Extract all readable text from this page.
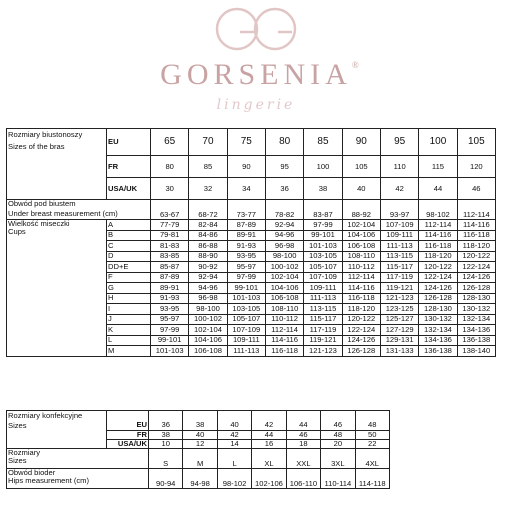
GORSENIA ®
lingerie
Rozmiary biustonoszy
Sizes of the bras	EU	65	70	75	80	85	90	95	100	105
	FR	80	85	90	95	100	105	110	115	120
	USA/UK	30	32	34	36	38	40	42	44	46

Obwód pod biustem
Under breast measurement (cm)		63-67	68-72	73-77	78-82	83-87	88-92	93-97	98-102	112-114

Wielkość miseczki
Cups	A	77-79	82-84	87-89	92-94	97-99	102-104	107-109	112-114	114-116
	B	79-81	84-86	89-91	94-96	99-101	104-106	109-111	114-116	116-118
	C	81-83	86-88	91-93	96-98	101-103	106-108	111-113	116-118	118-120
	D	83-85	88-90	93-95	98-100	103-105	108-110	113-115	118-120	120-122
	DD+E	85-87	90-92	95-97	100-102	105-107	110-112	115-117	120-122	122-124
	F	87-89	92-94	97-99	102-104	107-109	112-114	117-119	122-124	124-126
	G	89-91	94-96	99-101	104-106	109-111	114-116	119-121	124-126	126-128
	H	91-93	96-98	101-103	106-108	111-113	116-118	121-123	126-128	128-130
	I	93-95	98-100	103-105	108-110	113-115	118-120	123-125	128-130	130-132
	J	95-97	100-102	105-107	110-112	115-117	120-122	125-127	130-132	132-134
	K	97-99	102-104	107-109	112-114	117-119	122-124	127-129	132-134	134-136
	L	99-101	104-106	109-111	114-116	119-121	124-126	129-131	134-136	136-138
	M	101-103	106-108	111-113	116-118	121-123	126-128	131-133	136-138	138-140
Rozmiary konfekcyjne								
Sizes	EU	36	38	40	42	44	46	48
	FR	38	40	42	44	46	48	50
	USA/UK	10	12	14	16	18	20	22

Rozmiary
Sizes		S	M	L	XL	XXL	3XL	4XL

Obwód bioder
Hips measurement (cm)		90-94	94-98	98-102	102-106	106-110	110-114	114-118
